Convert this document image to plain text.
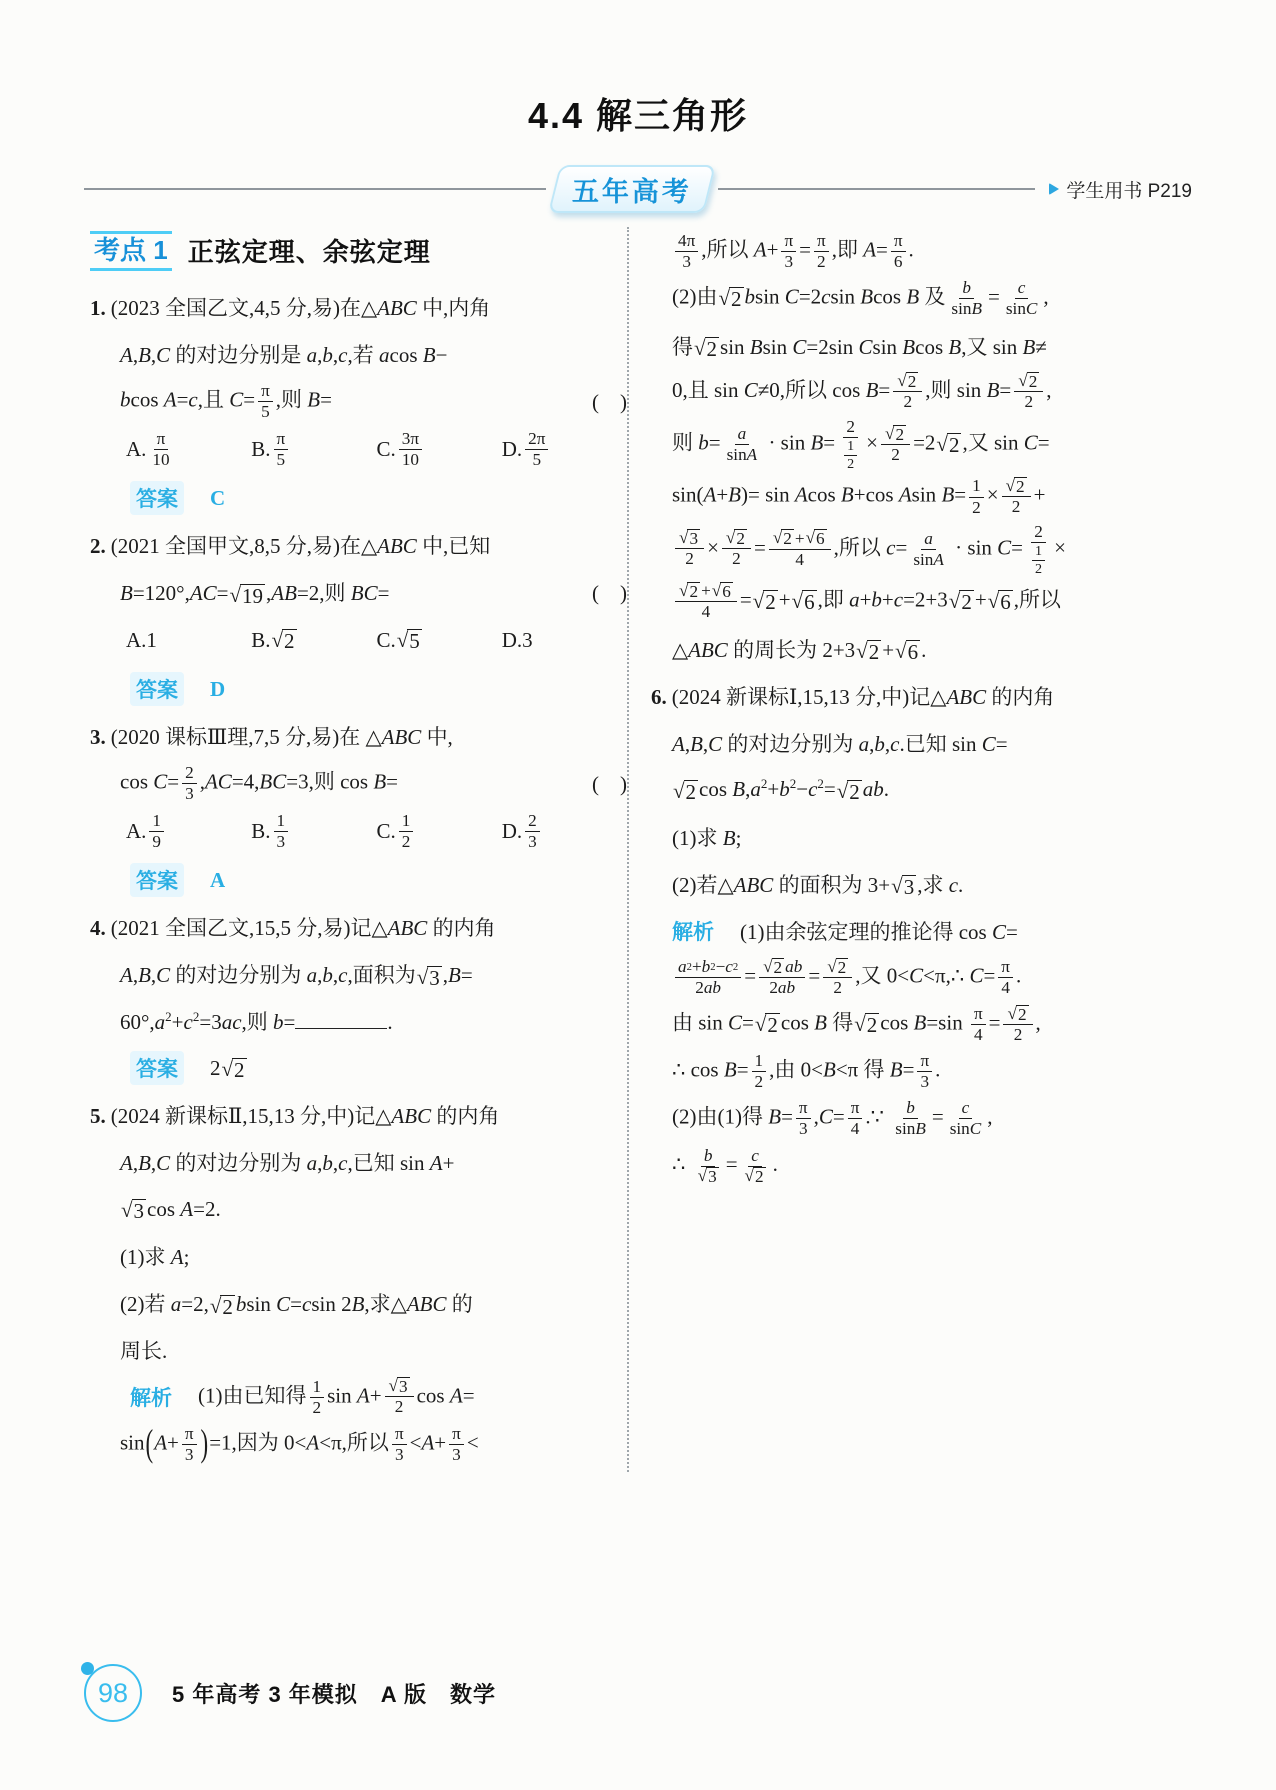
4.4 解三角形
五年高考	学生用书 P219
考点 1 正弦定理、余弦定理
1. (2023 全国乙文,4,5 分,易)在△ABC 中,内角
A,B,C 的对边分别是 a,b,c,若 acos B−
bcos A=c,且 $C= \frac{\pi}{5}$ ,则 B=	(　)
A. $\frac{\pi}{10}$	B. $\frac{\pi}{5}$	C. $\frac{3\pi}{10}$	D. $\frac{2\pi}{5}$
答案 C
2. (2021 全国甲文,8,5 分,易)在△ABC 中,已知
B=120°,AC= √ 19 ,AB=2,则 BC=	(　)
A.1	B. √ 2	C. √ 5	D.3
答案 D
3. (2020 课标Ⅲ理,7,5 分,易)在 △ABC 中,
$\cos C= \frac{2}{3} ,AC=4,BC=3$,则 cos B=	(　)
A. $\frac{1}{9}$	B. $\frac{1}{3}$	C. $\frac{1}{2}$	D. $\frac{2}{3}$
答案 A
4. (2021 全国乙文,15,5 分,易)记△ABC 的内角
A,B,C 的对边分别为 a,b,c,面积为 √ 3 ,B=
$60^\circ,a^2+c^2=3ac$,则 b=	.
答案 2 √ 2
5. (2024 新课标Ⅱ,15,13 分,中)记△ABC 的内角
A,B,C 的对边分别为 a,b,c,已知 sin A+
√ 3 cos A=2.
(1)求 A;
(2)若 a=2, √ 2 bsin C=csin 2B,求△ABC 的
周长.
解析 (1)由已知得 $\frac{1}{2}$ $\sin A+ \frac{√ 3}{2}$ cos A=
$\sin(A+ \frac{\pi}{3} )=1$,因为 0<A<π,所以 $\frac{\pi}{3} <A+ \frac{\pi}{3}$ <
$\frac{4\pi}{3}$ ,所以 $A+ \frac{\pi}{3} = \frac{\pi}{2}$ ,即 $A= \frac{\pi}{6}$ .
(2)由 √ 2 bsin C=2csin Bcos B 及 $\frac{b}{\text{sin B}} = \frac{c}{\text{sin C}}$ ,
得 √ 2 sin Bsin C=2sin Csin Bcos B,又 sin B≠
0,且 sin C≠0,所以 $\cos B= \frac{√ 2}{2}$ ,则 $\sin B= \frac{√ 2}{2}$ ,
则 $b= \frac{a}{\text{sin A}} \cdot \sin B= \frac{2}{\frac{1}{2}} \times \frac{√ 2}{2} =2$ √ 2 ,又 sin C=
sin(A+B)= sin Acos B+cos Asin $B= \frac{1}{2} \times \frac{√ 2}{2}$ +
$\frac{√ 3}{2} \times \frac{√ 2}{2} = \frac{√ 2 + √ 6}{4}$ ,所以 $c= \frac{a}{\text{sin A}} \cdot \sin C= \frac{2}{\frac{1}{2}}$ ×
$\frac{√ 2 + √ 6}{4}$ = √ 2 + √ 6 ,即 a+b+c=2+3 √ 2 + √ 6 ,所以
△ABC 的周长为 2+3 √ 2 + √ 6 .
6. (2024 新课标Ⅰ,15,13 分,中)记△ABC 的内角
A,B,C 的对边分别为 a,b,c.已知 sin C=
√ 2 $\cos B,a^2+b^2-c^2=$ √ 2 ab.
(1)求 B;
(2)若△ABC 的面积为 3+ √ 3 ,求 c.
解析 (1)由余弦定理的推论得 cos C=
$\frac{a 2 + b 2 - c 2}{2 ab} = \frac{√ 2 ab}{2 ab} = \frac{√ 2}{2}$ ,又 0<C<π,∴ $C= \frac{\pi}{4}$ .
由 sin C= √ 2 cos B 得 √ 2 $\cos B=\sin \frac{\pi}{4} = \frac{√ 2}{2}$ ,
∴ $\cos B= \frac{1}{2}$ ,由 0<B<π 得 $B= \frac{\pi}{3}$ .
(2)由(1)得 $B= \frac{\pi}{3} ,C= \frac{\pi}{4}$ .∵ $\frac{b}{\text{sin B}} = \frac{c}{\text{sin C}}$ ,
∴ $\frac{b}{√ 3} = \frac{c}{√ 2}$ .
98 5 年高考 3 年模拟　A 版　数学
